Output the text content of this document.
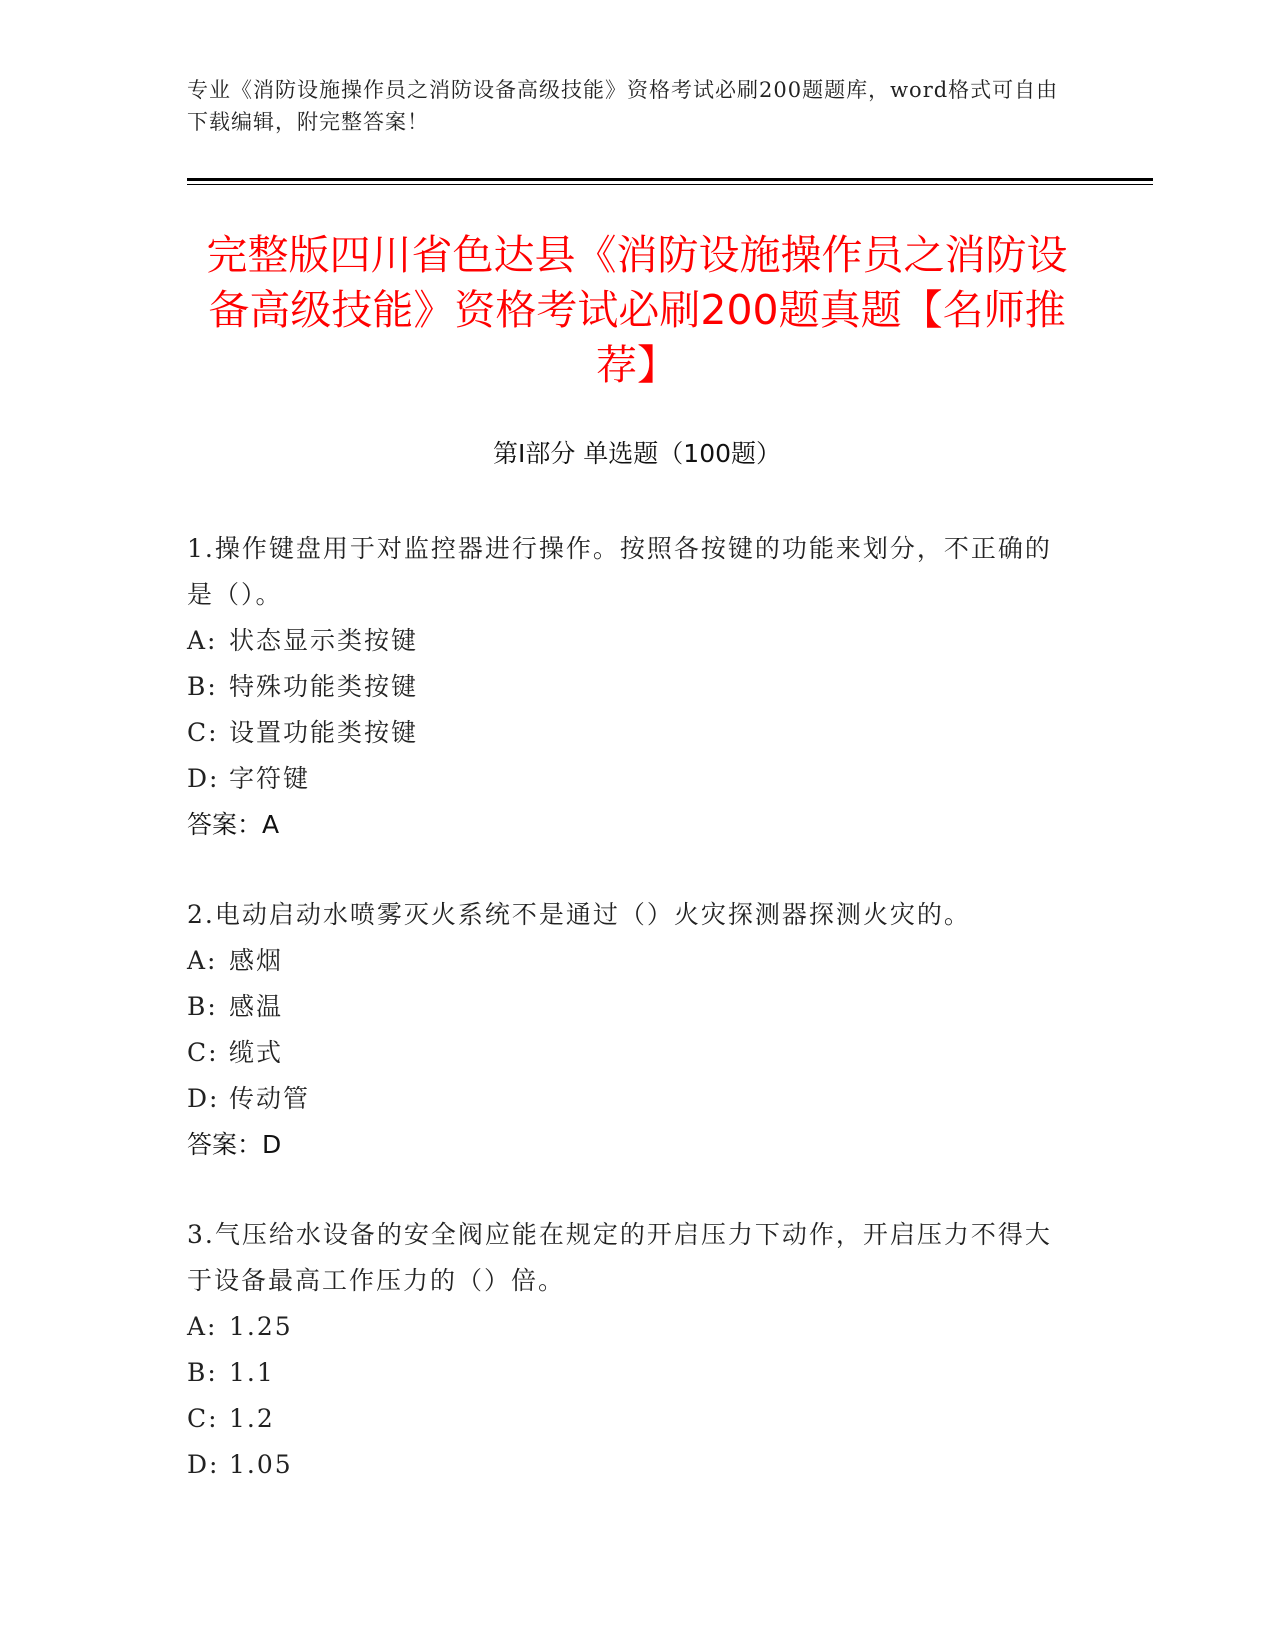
专业《消防设施操作员之消防设备高级技能》资格考试必刷200题题库，word格式可自由下载编辑，附完整答案！
完整版四川省色达县《消防设施操作员之消防设备高级技能》资格考试必刷200题真题【名师推荐】
第Ⅰ部分 单选题（100题）

1.操作键盘用于对监控器进行操作。按照各按键的功能来划分，不正确的是（）。

A: 状态显示类按键
B: 特殊功能类按键
C: 设置功能类按键
D: 字符键
答案：A

2.电动启动水喷雾灭火系统不是通过（）火灾探测器探测火灾的。

A: 感烟
B: 感温
C: 缆式
D: 传动管
答案：D

3.气压给水设备的安全阀应能在规定的开启压力下动作，开启压力不得大于设备最高工作压力的（）倍。

A: 1.25
B: 1.1
C: 1.2
D: 1.05
